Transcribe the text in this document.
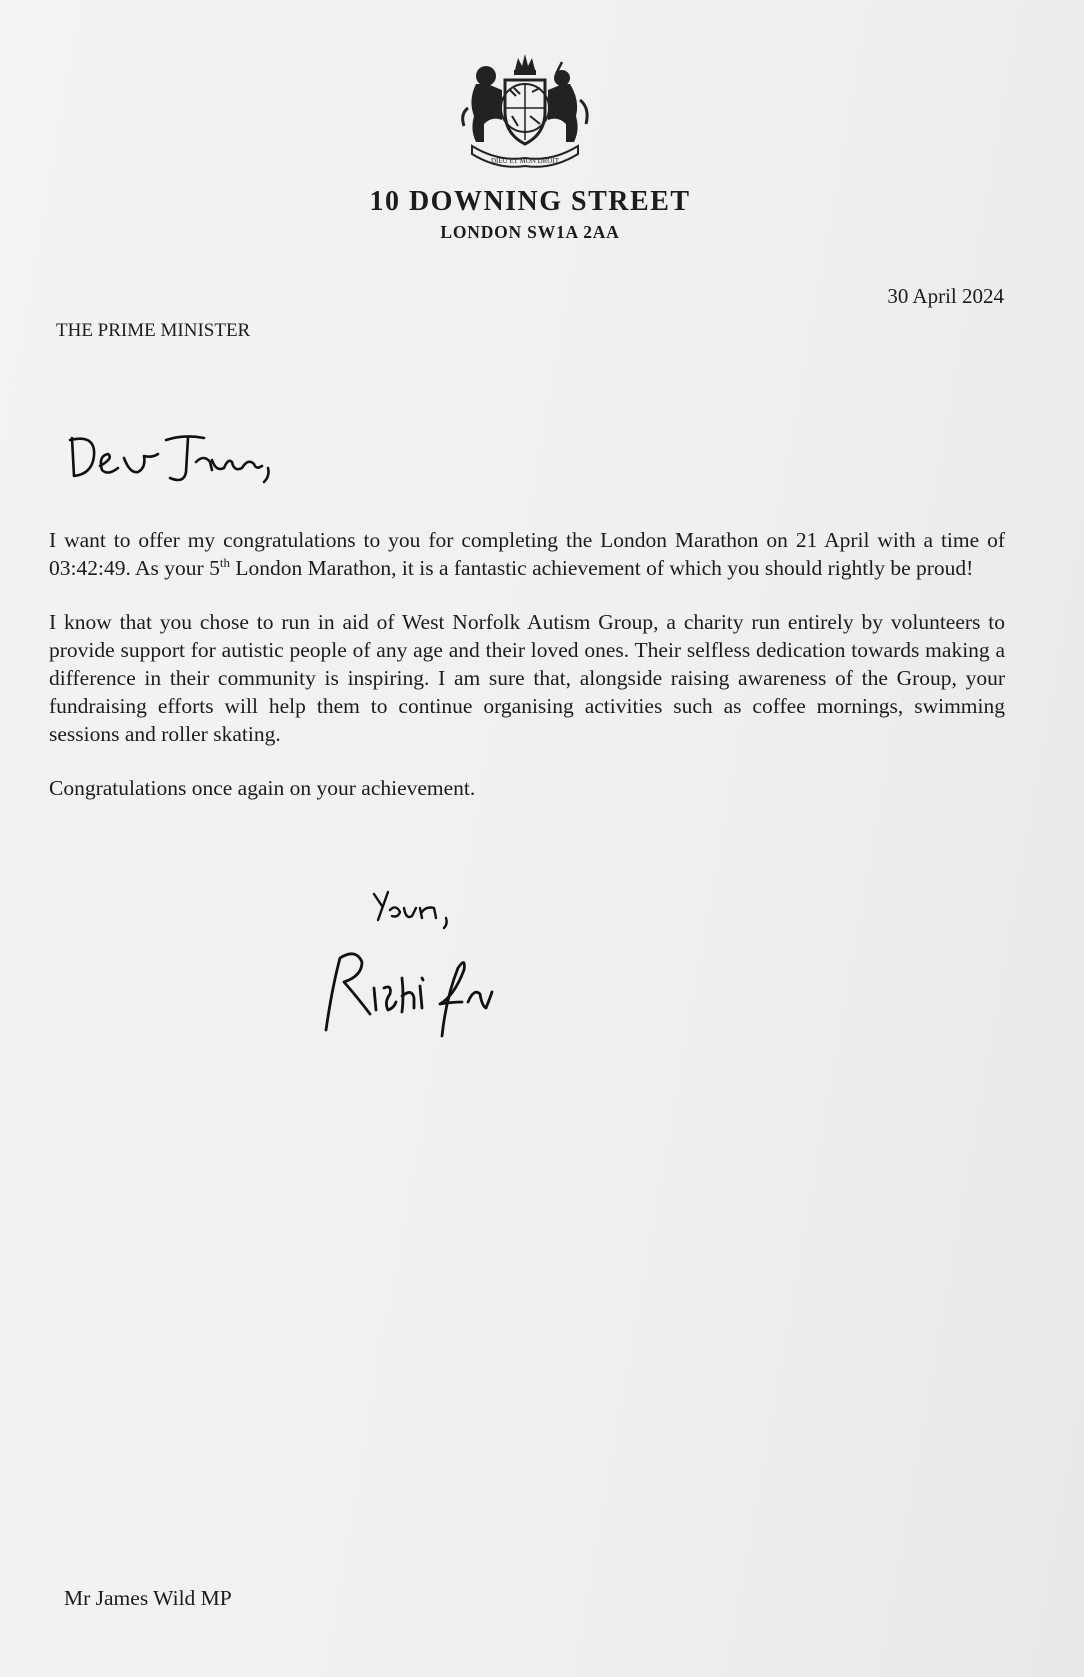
DIEU ET MON DROIT
10 DOWNING STREET
LONDON SW1A 2AA
30 April 2024
THE PRIME MINISTER

I want to offer my congratulations to you for completing the London Marathon on 21 April with a time of 03:42:49. As your 5th London Marathon, it is a fantastic achievement of which you should rightly be proud!

I know that you chose to run in aid of West Norfolk Autism Group, a charity run entirely by volunteers to provide support for autistic people of any age and their loved ones. Their selfless dedication towards making a difference in their community is inspiring. I am sure that, alongside raising awareness of the Group, your fundraising efforts will help them to continue organising activities such as coffee mornings, swimming sessions and roller skating.

Congratulations once again on your achievement.

Mr James Wild MP
